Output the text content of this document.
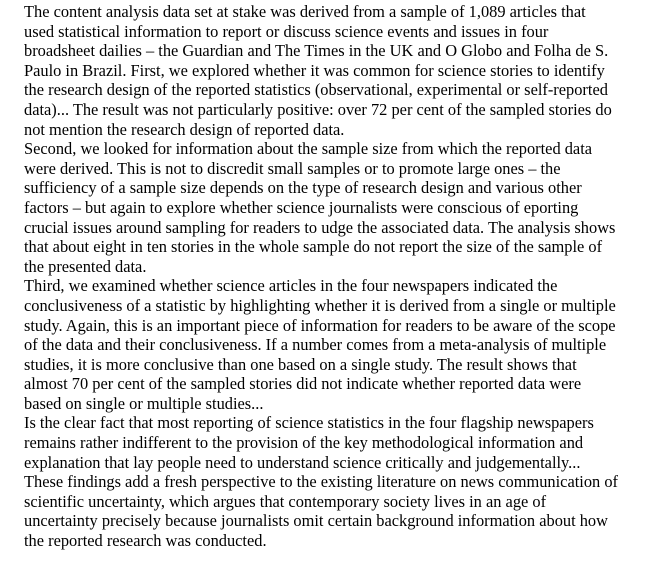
The content analysis data set at stake was derived from a sample of 1,089 articles that
used statistical information to report or discuss science events and issues in four
broadsheet dailies – the Guardian and The Times in the UK and O Globo and Folha de S.
Paulo in Brazil. First, we explored whether it was common for science stories to identify
the research design of the reported statistics (observational, experimental or self-reported
data)... The result was not particularly positive: over 72 per cent of the sampled stories do
not mention the research design of reported data.

Second, we looked for information about the sample size from which the reported data
were derived. This is not to discredit small samples or to promote large ones – the
sufficiency of a sample size depends on the type of research design and various other
factors – but again to explore whether science journalists were conscious of eporting
crucial issues around sampling for readers to udge the associated data. The analysis shows
that about eight in ten stories in the whole sample do not report the size of the sample of
the presented data.

Third, we examined whether science articles in the four newspapers indicated the
conclusiveness of a statistic by highlighting whether it is derived from a single or multiple
study. Again, this is an important piece of information for readers to be aware of the scope
of the data and their conclusiveness. If a number comes from a meta-analysis of multiple
studies, it is more conclusive than one based on a single study. The result shows that
almost 70 per cent of the sampled stories did not indicate whether reported data were
based on single or multiple studies...

Is the clear fact that most reporting of science statistics in the four flagship newspapers
remains rather indifferent to the provision of the key methodological information and
explanation that lay people need to understand science critically and judgementally...
These findings add a fresh perspective to the existing literature on news communication of
scientific uncertainty, which argues that contemporary society lives in an age of
uncertainty precisely because journalists omit certain background information about how
the reported research was conducted.
